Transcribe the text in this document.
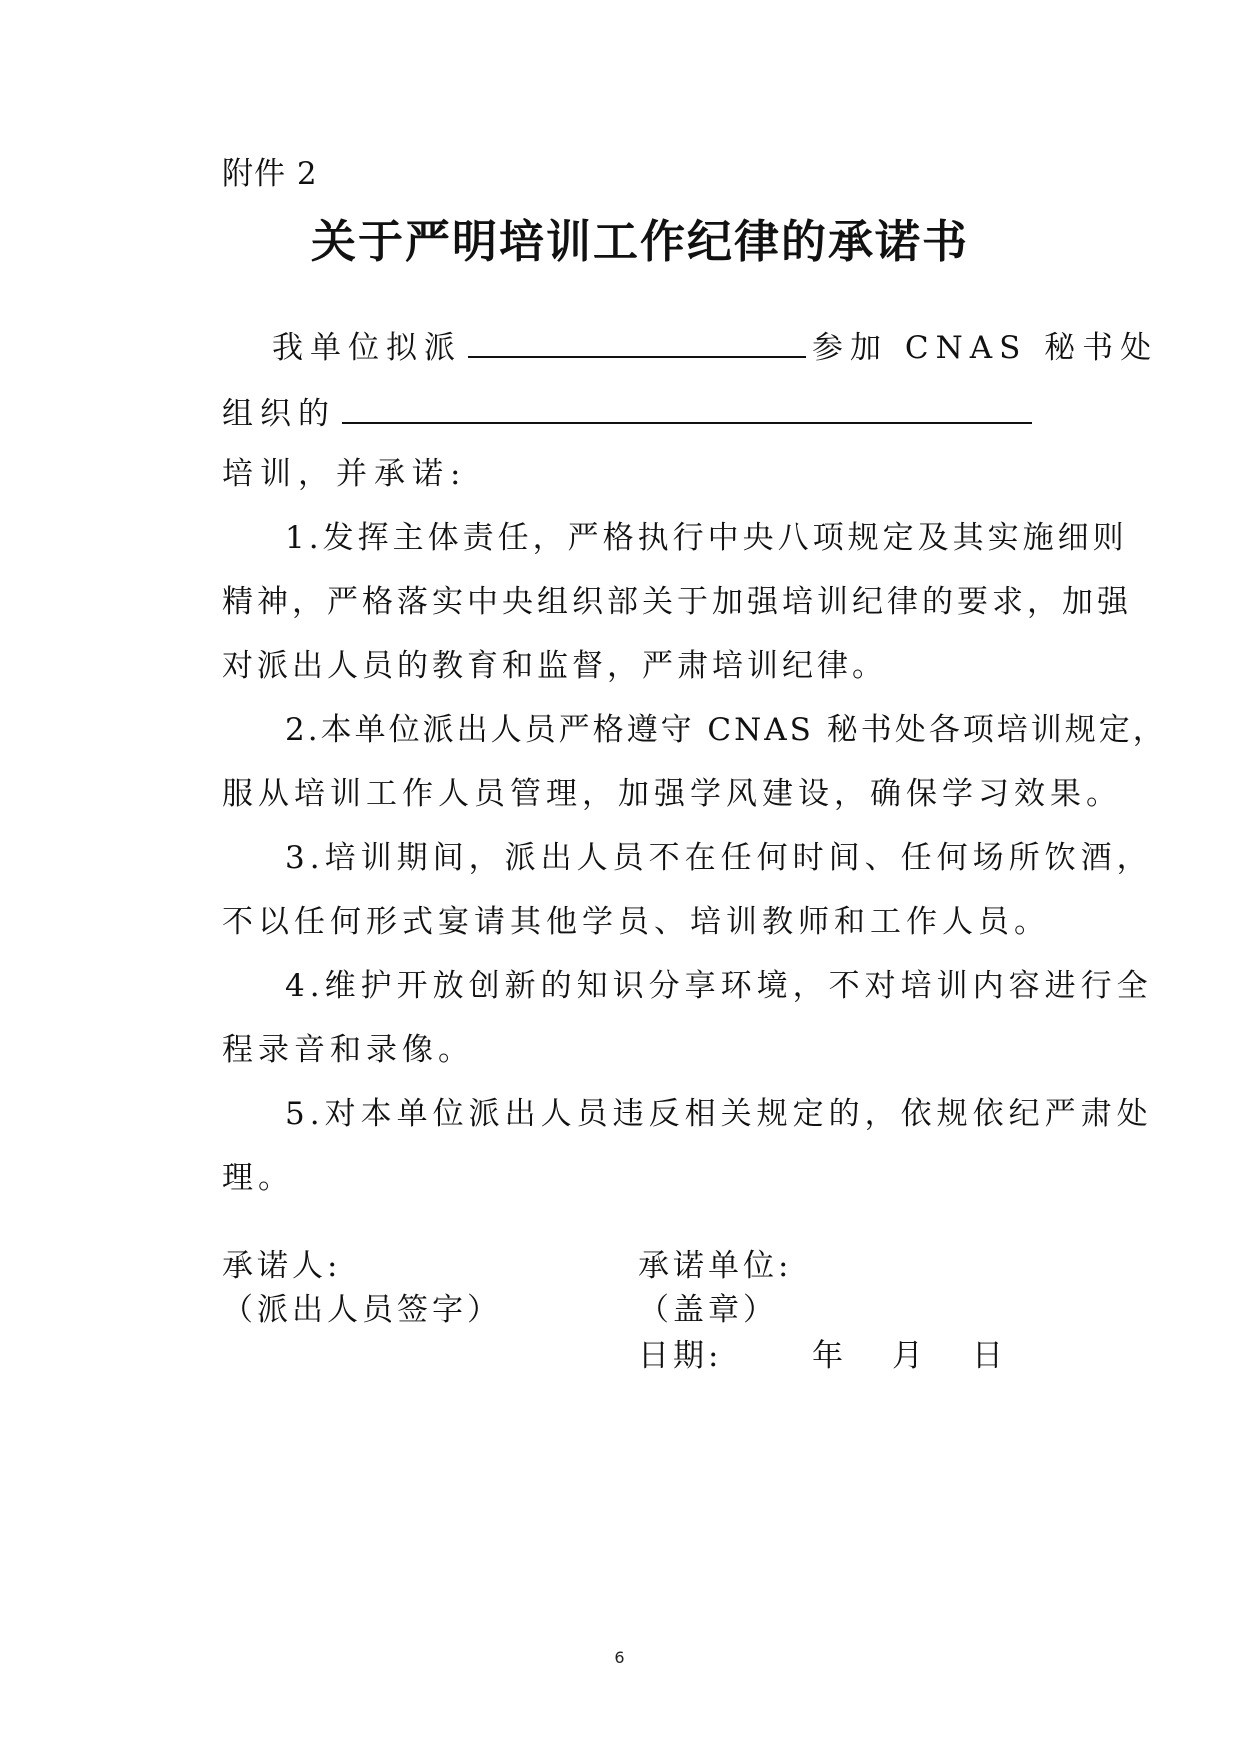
附件 2
关于严明培训工作纪律的承诺书
我单位拟派	参加 CNAS 秘书处
组织的
培训，并承诺:
1.发挥主体责任，严格执行中央八项规定及其实施细则
精神，严格落实中央组织部关于加强培训纪律的要求，加强
对派出人员的教育和监督，严肃培训纪律。
2.本单位派出人员严格遵守 CNAS 秘书处各项培训规定，
服从培训工作人员管理，加强学风建设，确保学习效果。
3.培训期间，派出人员不在任何时间、任何场所饮酒，
不以任何形式宴请其他学员、培训教师和工作人员。
4.维护开放创新的知识分享环境，不对培训内容进行全
程录音和录像。
5.对本单位派出人员违反相关规定的，依规依纪严肃处
理。
承诺人:
（派出人员签字）
承诺单位:
（盖章）
日期:	年 月 日
6
